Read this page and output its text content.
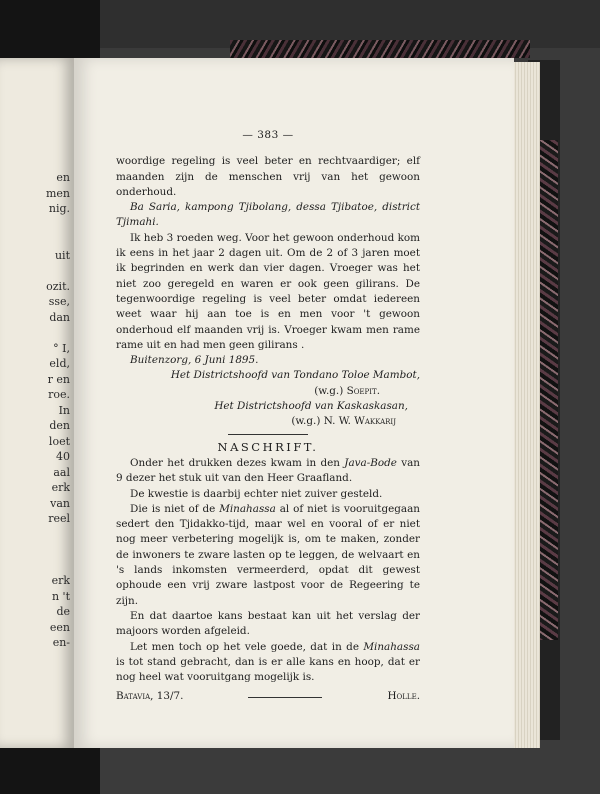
en
men
nig.
uit
ozit.
sse,
dan
° I,
eld,
r en
roe.
In
den
loet
40
aal
erk
van
reel
erk
n 't
de
een
en-
— 383 —
woordige regeling is veel beter en rechtvaardiger; elf maanden zijn de menschen vrij van het gewoon onderhoud.
Ba Saria, kampong Tjibolang, dessa Tjibatoe, district Tjimahi.
Ik heb 3 roeden weg. Voor het gewoon onderhoud kom ik eens in het jaar 2 dagen uit. Om de 2 of 3 jaren moet ik begrinden en werk dan vier dagen. Vroeger was het niet zoo geregeld en waren er ook geen gilirans. De tegenwoordige regeling is veel beter omdat iedereen weet waar hij aan toe is en men voor 't gewoon onderhoud elf maanden vrij is. Vroeger kwam men rame rame uit en had men geen gilirans .
Buitenzorg, 6 Juni 1895.
Het Districtshoofd van Tondano Toloe Mambot,
(w.g.) Soepit.
Het Districtshoofd van Kaskaskasan,
(w.g.) N. W. Wakkarij
NASCHRIFT.
Onder het drukken dezes kwam in den Java-Bode van 9 dezer het stuk uit van den Heer Graafland.
De kwestie is daarbij echter niet zuiver gesteld.
Die is niet of de Minahassa al of niet is vooruitgegaan sedert den Tjidakko-tijd, maar wel en vooral of er niet nog meer verbetering mogelijk is, om te maken, zonder de inwoners te zware lasten op te leggen, de welvaart en 's lands inkomsten vermeerderd, opdat dit gewest ophoude een vrij zware lastpost voor de Regeering te zijn.
En dat daartoe kans bestaat kan uit het verslag der majoors worden afgeleid.
Let men toch op het vele goede, dat in de Minahassa is tot stand gebracht, dan is er alle kans en hoop, dat er nog heel wat vooruitgang mogelijk is.
Batavia, 13/7.	Holle.
